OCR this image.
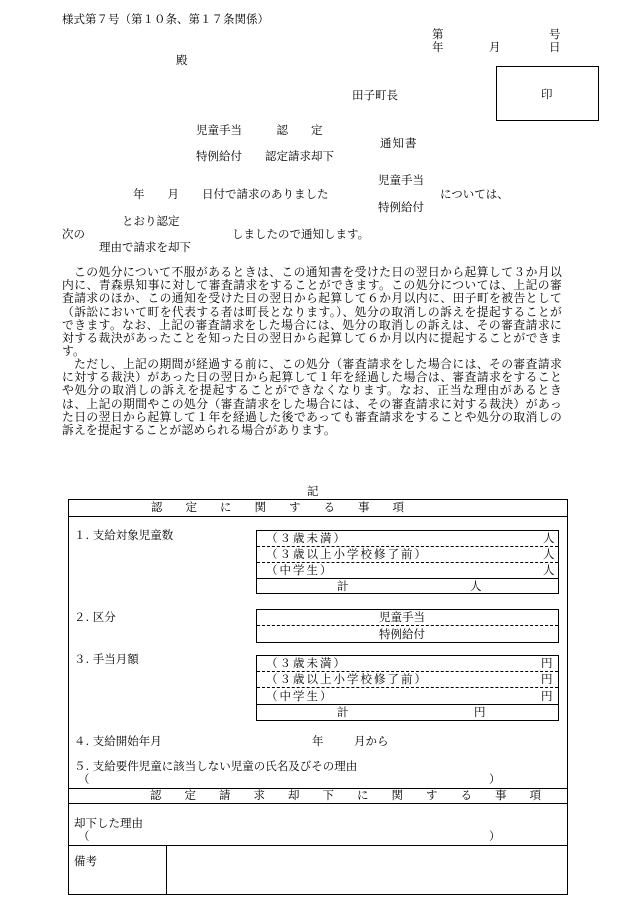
様式第７号（第１０条、第１７条関係）
第	号
年	月	日
殿
田子町長	印
児童手当　　　認　　定
通知書
特例給付　　認定請求却下
児童手当
年　　月　　日付で請求のありました	については、
特例給付
とおり認定
次の	しましたので通知します。
理由で請求を却下
この処分について不服があるときは、この通知書を受けた日の翌日から起算して３か月以内に、青森県知事に対して審査請求をすることができます。この処分については、上記の審査請求のほか、この通知を受けた日の翌日から起算して６か月以内に、田子町を被告として（訴訟において町を代表する者は町長となります。）、処分の取消しの訴えを提起することができます。なお、上記の審査請求をした場合には、処分の取消しの訴えは、その審査請求に対する裁決があったことを知った日の翌日から起算して６か月以内に提起することができます。
ただし、上記の期間が経過する前に、この処分（審査請求をした場合には、その審査請求に対する裁決）があった日の翌日から起算して１年を経過した場合は、審査請求をすることや処分の取消しの訴えを提起することができなくなります。なお、正当な理由があるときは、上記の期間やこの処分（審査請求をした場合には、その審査請求に対する裁決）があった日の翌日から起算して１年を経過した後であっても審査請求をすることや処分の取消しの訴えを提起することが認められる場合があります。
記
認　　定　　に　　関　　す　　る　　事　　項
１. 支給対象児童数	（３歳未満）	人
（３歳以上小学校修了前）	人
（中学生）	人
計	人
２. 区分	児童手当
特例給付
３. 手当月額	（３歳未満）	円
（３歳以上小学校修了前）	円
（中学生）	円
計	円
４. 支給開始年月	年	月から
５. 支給要件児童に該当しない児童の氏名及びその理由
（	）
認　　定　　請　　求　　却　　下　　に　　関　　す　　る　　事　　項
却下した理由
（	）
備考
